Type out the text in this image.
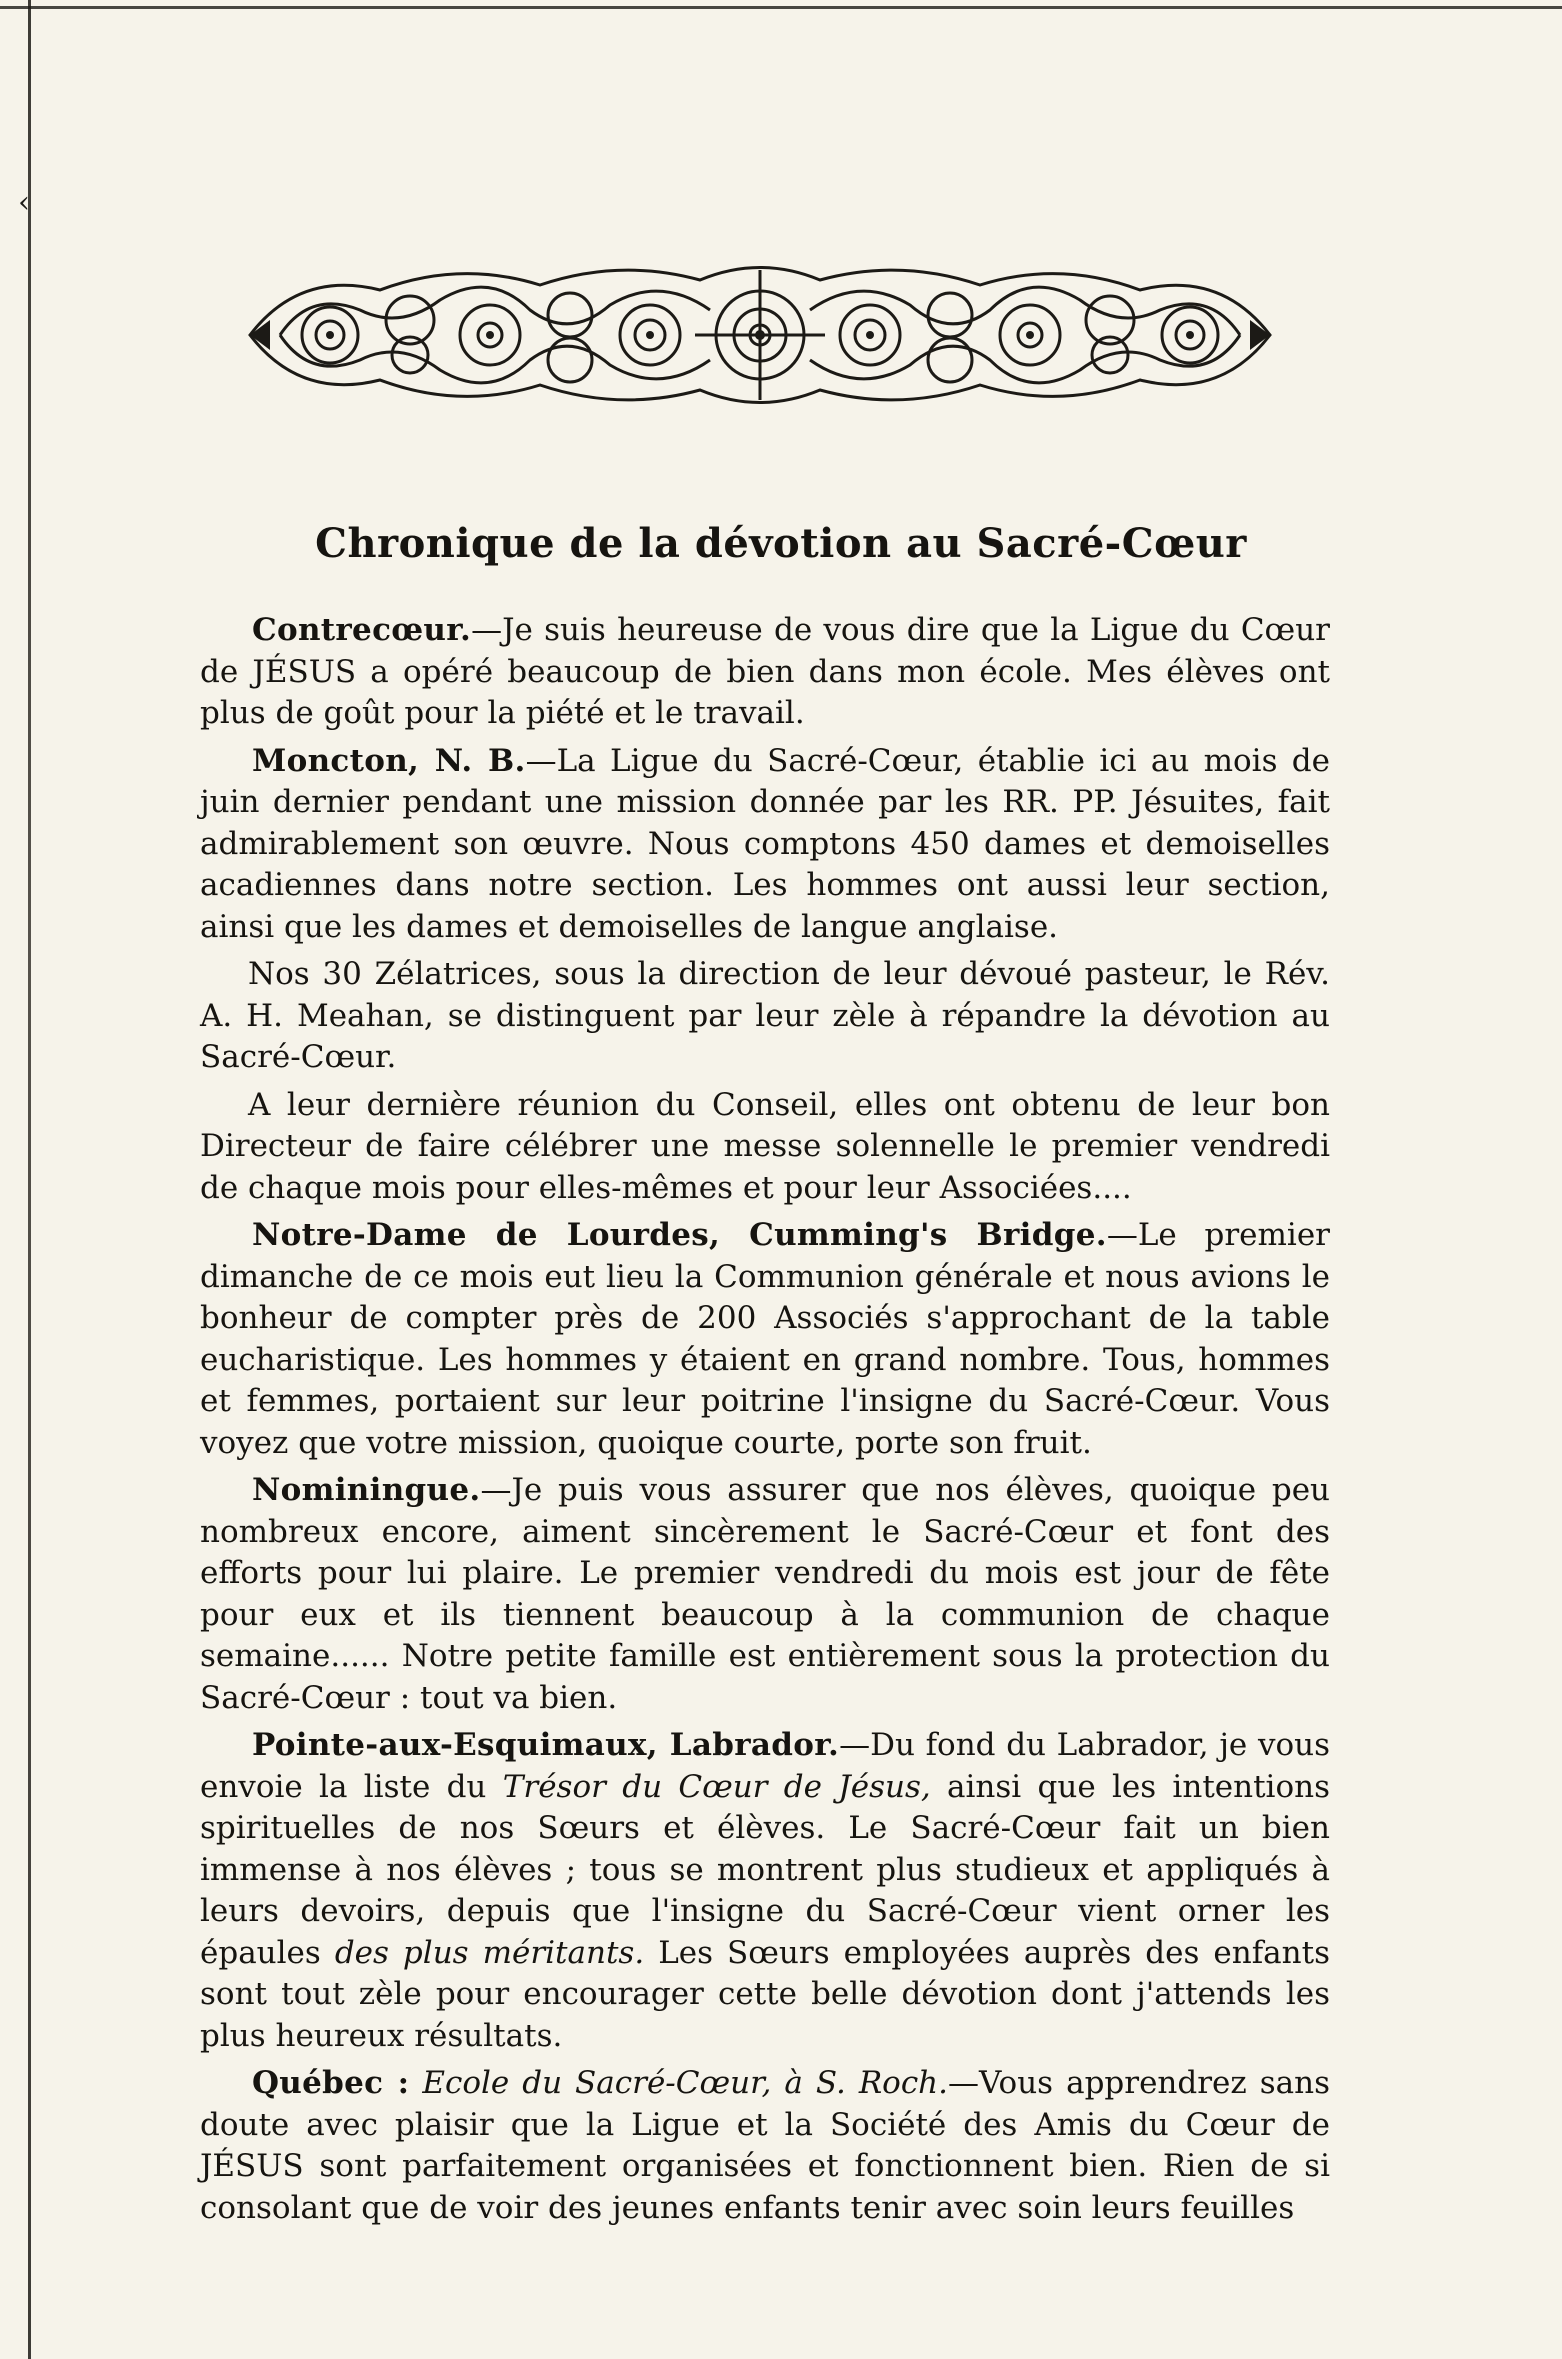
‹
Chronique de la dévotion au Sacré-Cœur

Contrecœur.—Je suis heureuse de vous dire que la Ligue du Cœur de JÉSUS a opéré beaucoup de bien dans mon école. Mes élèves ont plus de goût pour la piété et le travail.

Moncton, N. B.—La Ligue du Sacré-Cœur, établie ici au mois de juin dernier pendant une mission donnée par les RR. PP. Jésuites, fait admirablement son œuvre. Nous comptons 450 dames et demoiselles acadiennes dans notre section. Les hommes ont aussi leur section, ainsi que les dames et demoiselles de langue anglaise.

Nos 30 Zélatrices, sous la direction de leur dévoué pasteur, le Rév. A. H. Meahan, se distinguent par leur zèle à répandre la dévotion au Sacré-Cœur.

A leur dernière réunion du Conseil, elles ont obtenu de leur bon Directeur de faire célébrer une messe solennelle le premier vendredi de chaque mois pour elles-mêmes et pour leur Associées....

Notre-Dame de Lourdes, Cumming's Bridge.—Le premier dimanche de ce mois eut lieu la Communion générale et nous avions le bonheur de compter près de 200 Associés s'approchant de la table eucharistique. Les hommes y étaient en grand nombre. Tous, hommes et femmes, portaient sur leur poitrine l'insigne du Sacré-Cœur. Vous voyez que votre mission, quoique courte, porte son fruit.

Nominingue.—Je puis vous assurer que nos élèves, quoique peu nombreux encore, aiment sincèrement le Sacré-Cœur et font des efforts pour lui plaire. Le premier vendredi du mois est jour de fête pour eux et ils tiennent beaucoup à la communion de chaque semaine...... Notre petite famille est entièrement sous la protection du Sacré-Cœur : tout va bien.

Pointe-aux-Esquimaux, Labrador.—Du fond du Labrador, je vous envoie la liste du Trésor du Cœur de Jésus, ainsi que les intentions spirituelles de nos Sœurs et élèves. Le Sacré-Cœur fait un bien immense à nos élèves ; tous se montrent plus studieux et appliqués à leurs devoirs, depuis que l'insigne du Sacré-Cœur vient orner les épaules des plus méritants. Les Sœurs employées auprès des enfants sont tout zèle pour encourager cette belle dévotion dont j'attends les plus heureux résultats.

Québec : Ecole du Sacré-Cœur, à S. Roch.—Vous apprendrez sans doute avec plaisir que la Ligue et la Société des Amis du Cœur de JÉSUS sont parfaitement organisées et fonctionnent bien. Rien de si consolant que de voir des jeunes enfants tenir avec soin leurs feuilles
